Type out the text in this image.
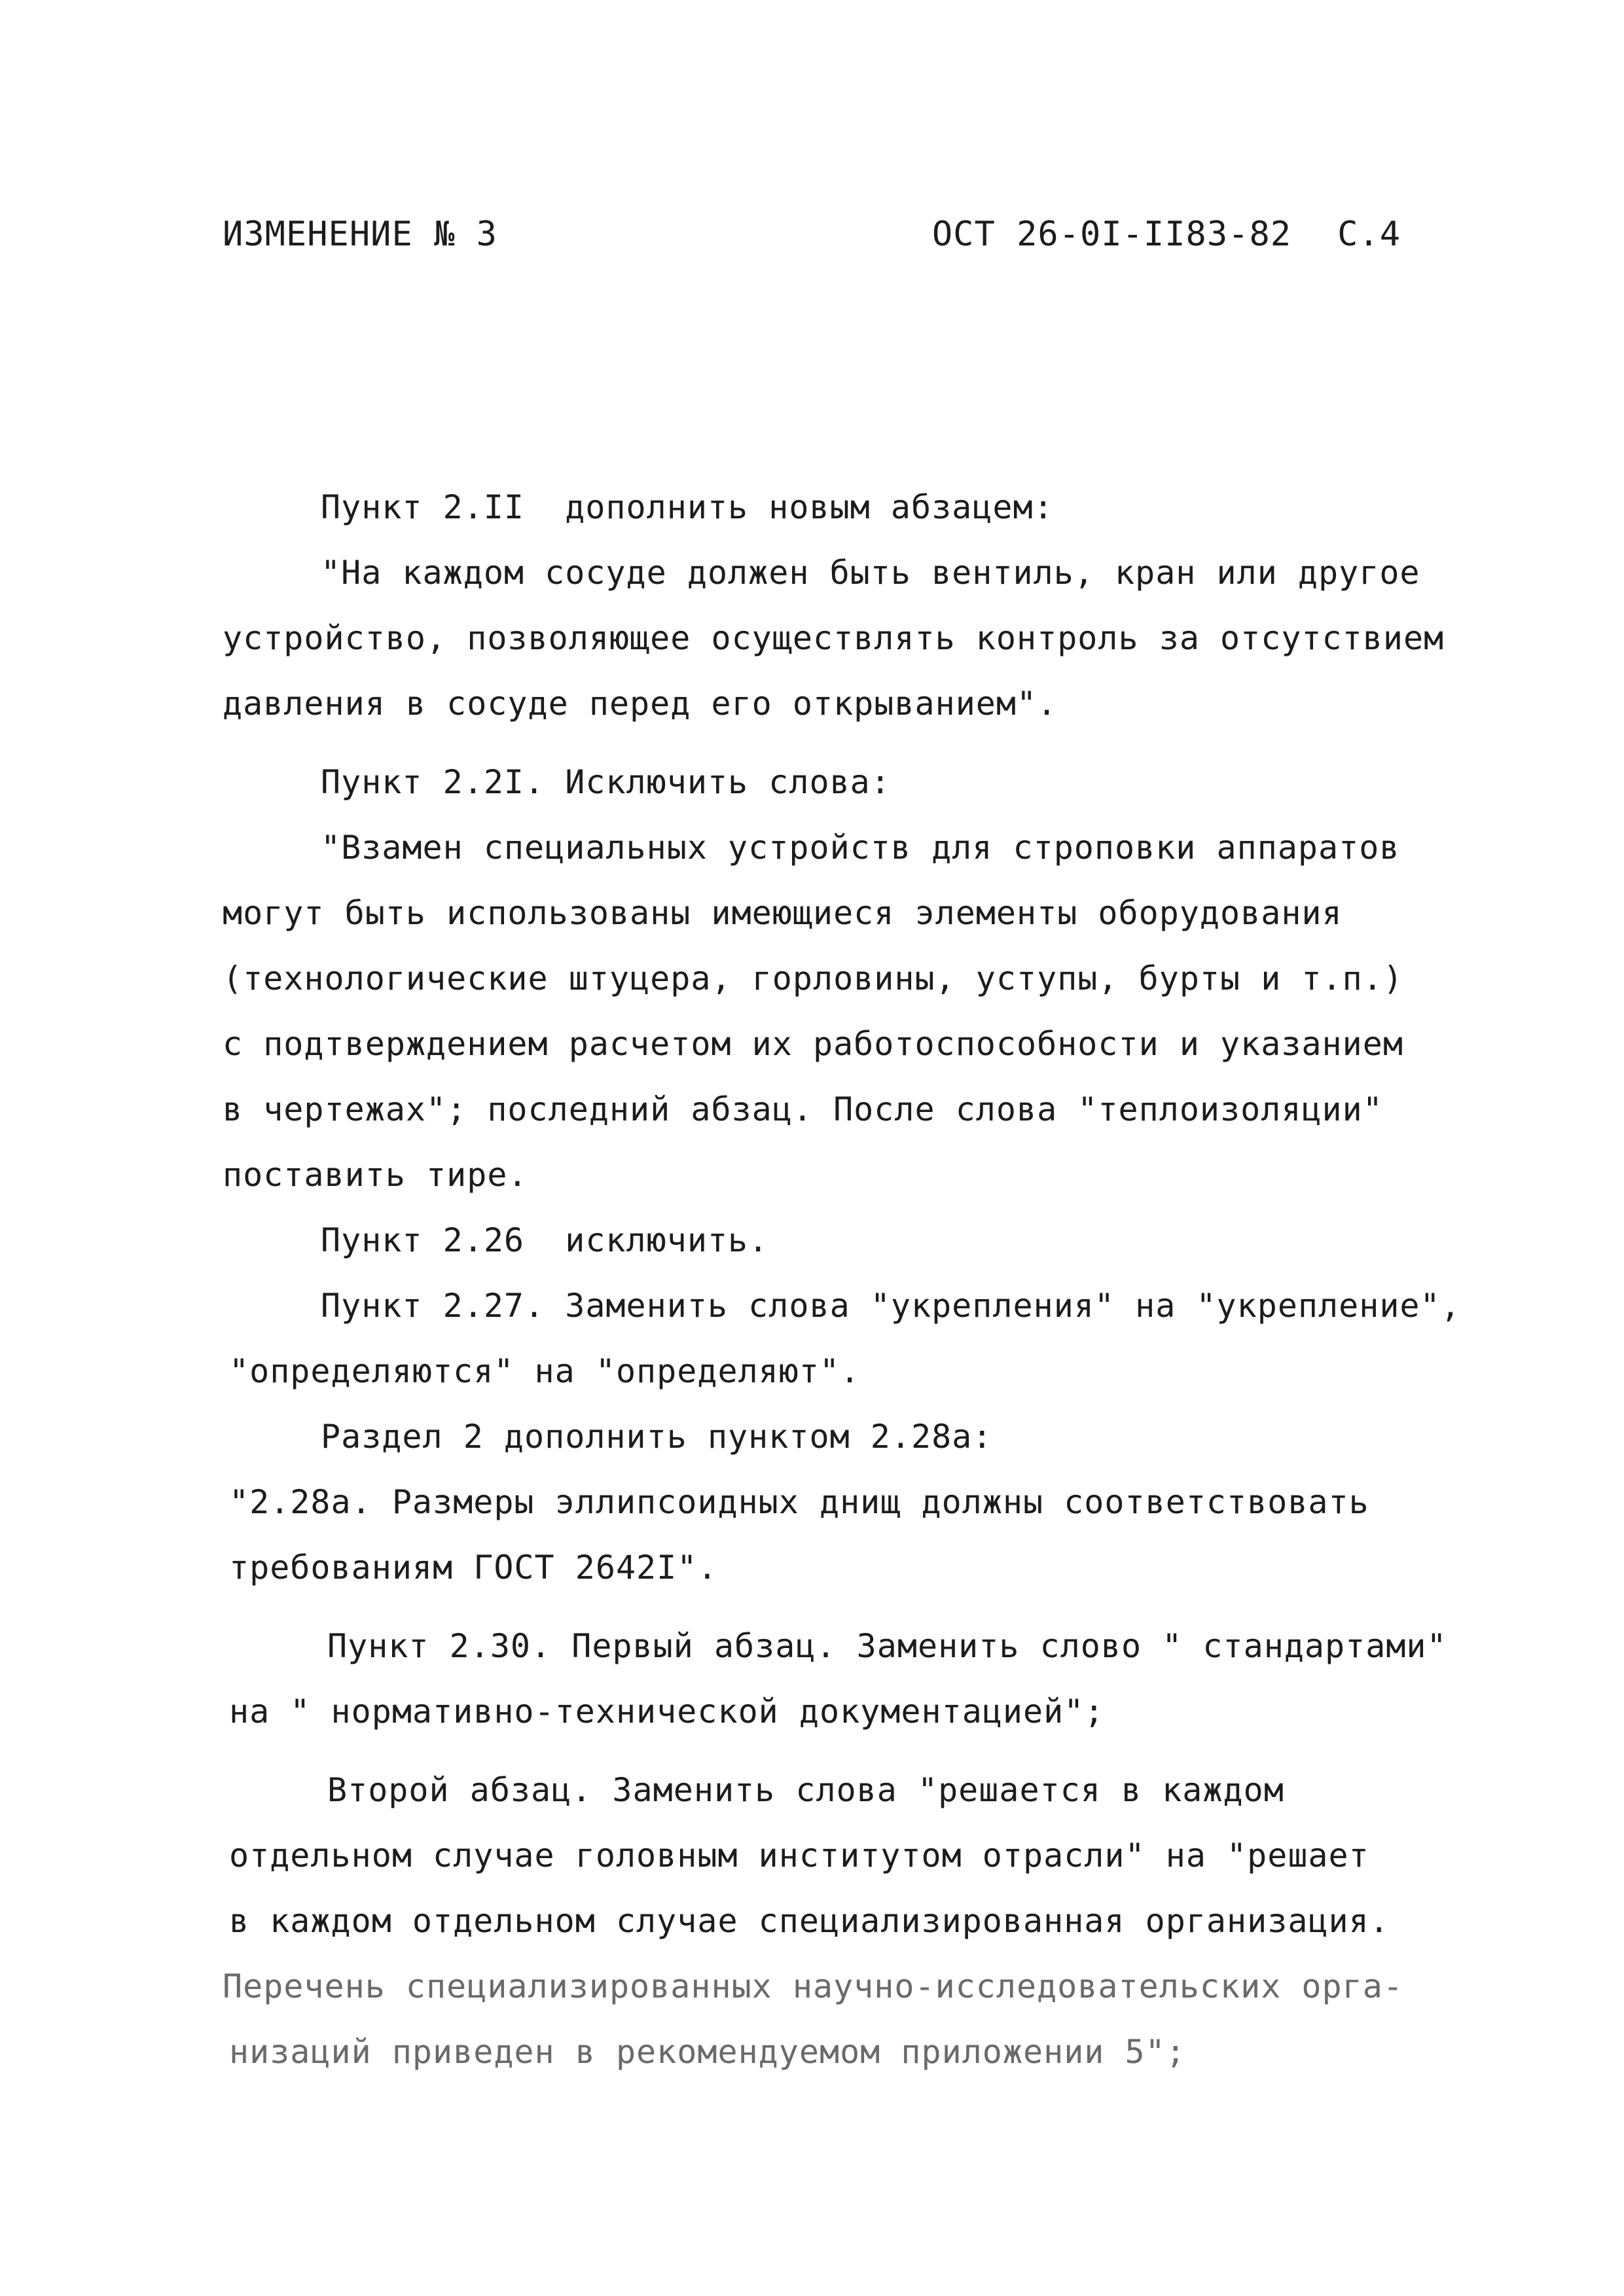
ИЗМЕНЕНИЕ № 3	ОСТ 26-0I-II83-82 С.4

Пункт 2.II  дополнить новым абзацем:

"На каждом сосуде должен быть вентиль, кран или другое

устройство, позволяющее осуществлять контроль за отсутствием

давления в сосуде перед его открыванием".

Пункт 2.2I. Исключить слова:

"Взамен специальных устройств для строповки аппаратов

могут быть использованы имеющиеся элементы оборудования

(технологические штуцера, горловины, уступы, бурты и т.п.)

с подтверждением расчетом их работоспособности и указанием

в чертежах"; последний абзац. После слова "теплоизоляции"

поставить тире.

Пункт 2.26  исключить.

Пункт 2.27. Заменить слова "укрепления" на "укрепление",

"определяются" на "определяют".

Раздел 2 дополнить пунктом 2.28а:

"2.28а. Размеры эллипсоидных днищ должны соответствовать

требованиям ГОСТ 2642I".

Пункт 2.30. Первый абзац. Заменить слово " стандартами"

на " нормативно-технической документацией";

Второй абзац. Заменить слова "решается в каждом

отдельном случае головным институтом отрасли" на "решает

в каждом отдельном случае специализированная организация.

Перечень специализированных научно-исследовательских орга-

низаций приведен в рекомендуемом приложении 5";
